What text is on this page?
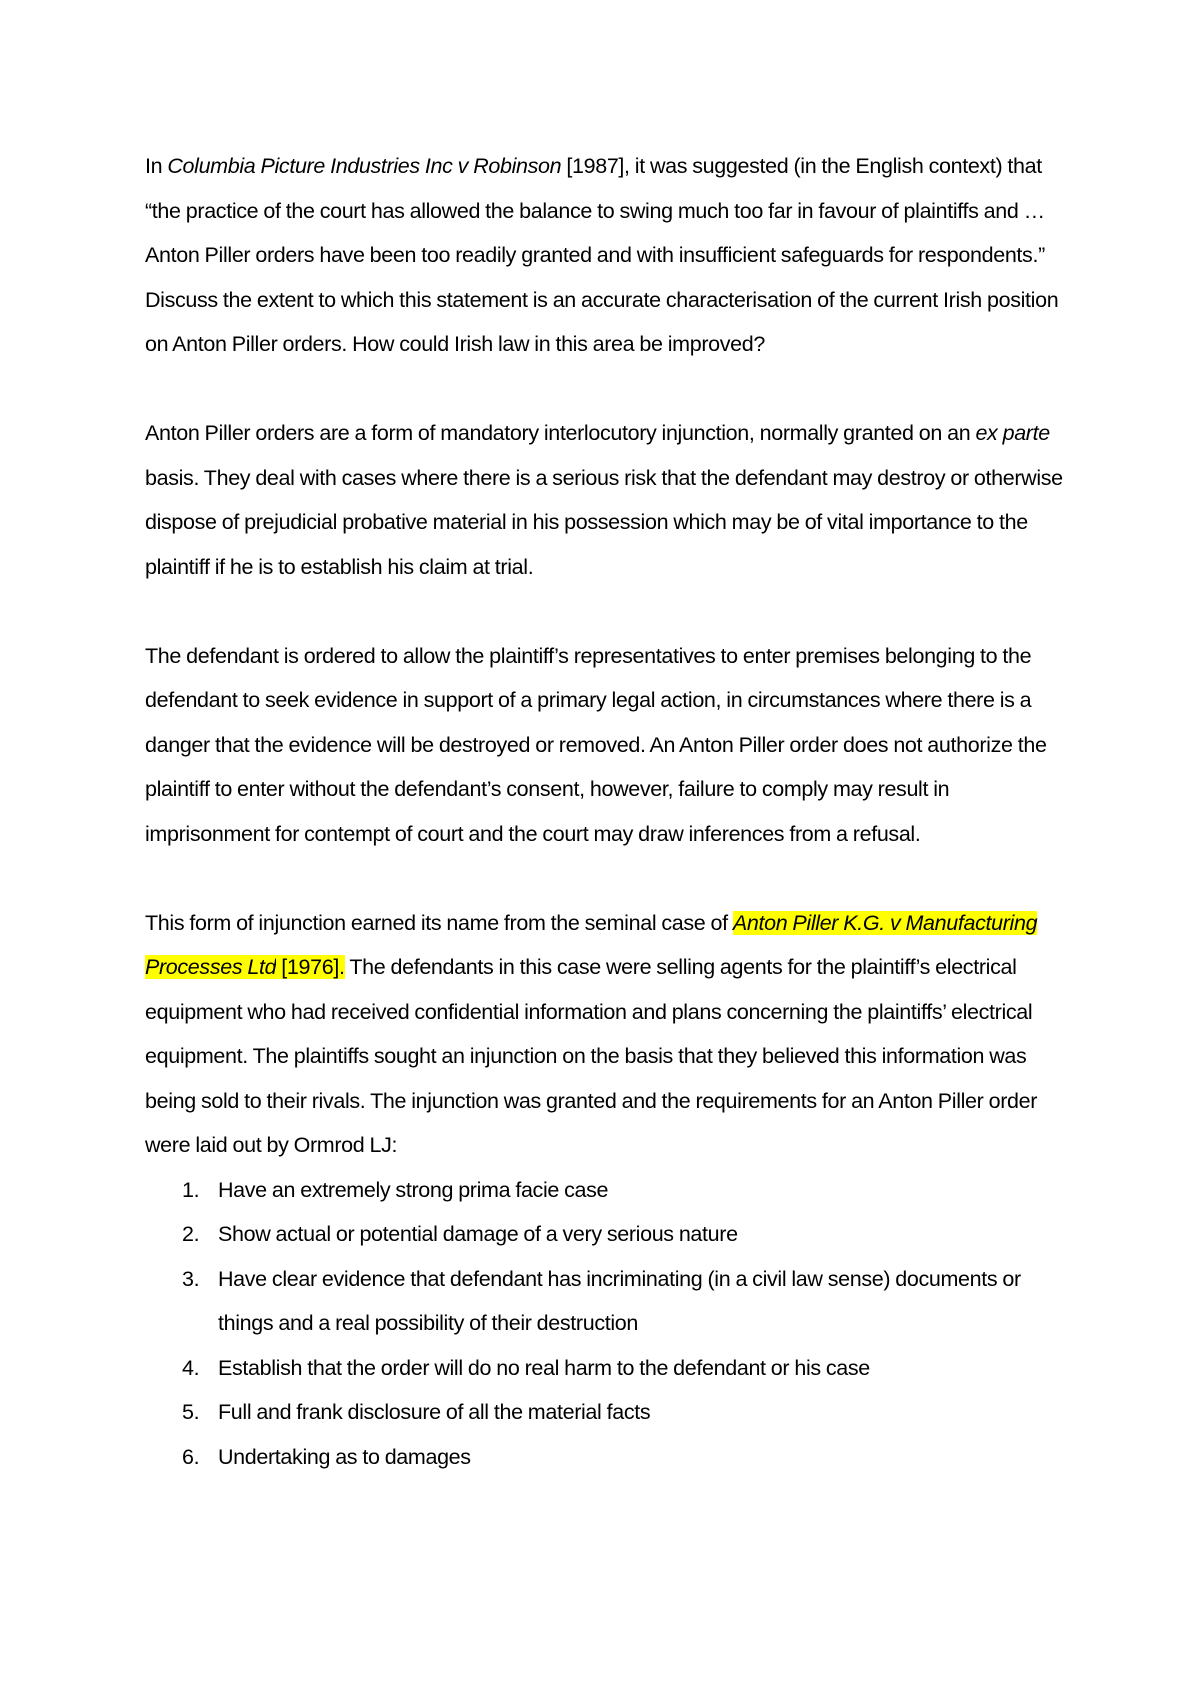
In Columbia Picture Industries Inc v Robinson [1987], it was suggested (in the English context) that “the practice of the court has allowed the balance to swing much too far in favour of plaintiffs and … Anton Piller orders have been too readily granted and with insufficient safeguards for respondents.” Discuss the extent to which this statement is an accurate characterisation of the current Irish position on Anton Piller orders. How could Irish law in this area be improved?

Anton Piller orders are a form of mandatory interlocutory injunction, normally granted on an ex parte basis. They deal with cases where there is a serious risk that the defendant may destroy or otherwise dispose of prejudicial probative material in his possession which may be of vital importance to the plaintiff if he is to establish his claim at trial.

The defendant is ordered to allow the plaintiff’s representatives to enter premises belonging to the defendant to seek evidence in support of a primary legal action, in circumstances where there is a danger that the evidence will be destroyed or removed. An Anton Piller order does not authorize the plaintiff to enter without the defendant’s consent, however, failure to comply may result in imprisonment for contempt of court and the court may draw inferences from a refusal.

This form of injunction earned its name from the seminal case of Anton Piller K.G. v Manufacturing Processes Ltd [1976]. The defendants in this case were selling agents for the plaintiff’s electrical equipment who had received confidential information and plans concerning the plaintiffs’ electrical equipment. The plaintiffs sought an injunction on the basis that they believed this information was being sold to their rivals. The injunction was granted and the requirements for an Anton Piller order were laid out by Ormrod LJ:

1. Have an extremely strong prima facie case
2. Show actual or potential damage of a very serious nature
3. Have clear evidence that defendant has incriminating (in a civil law sense) documents or things and a real possibility of their destruction
4. Establish that the order will do no real harm to the defendant or his case
5. Full and frank disclosure of all the material facts
6. Undertaking as to damages
